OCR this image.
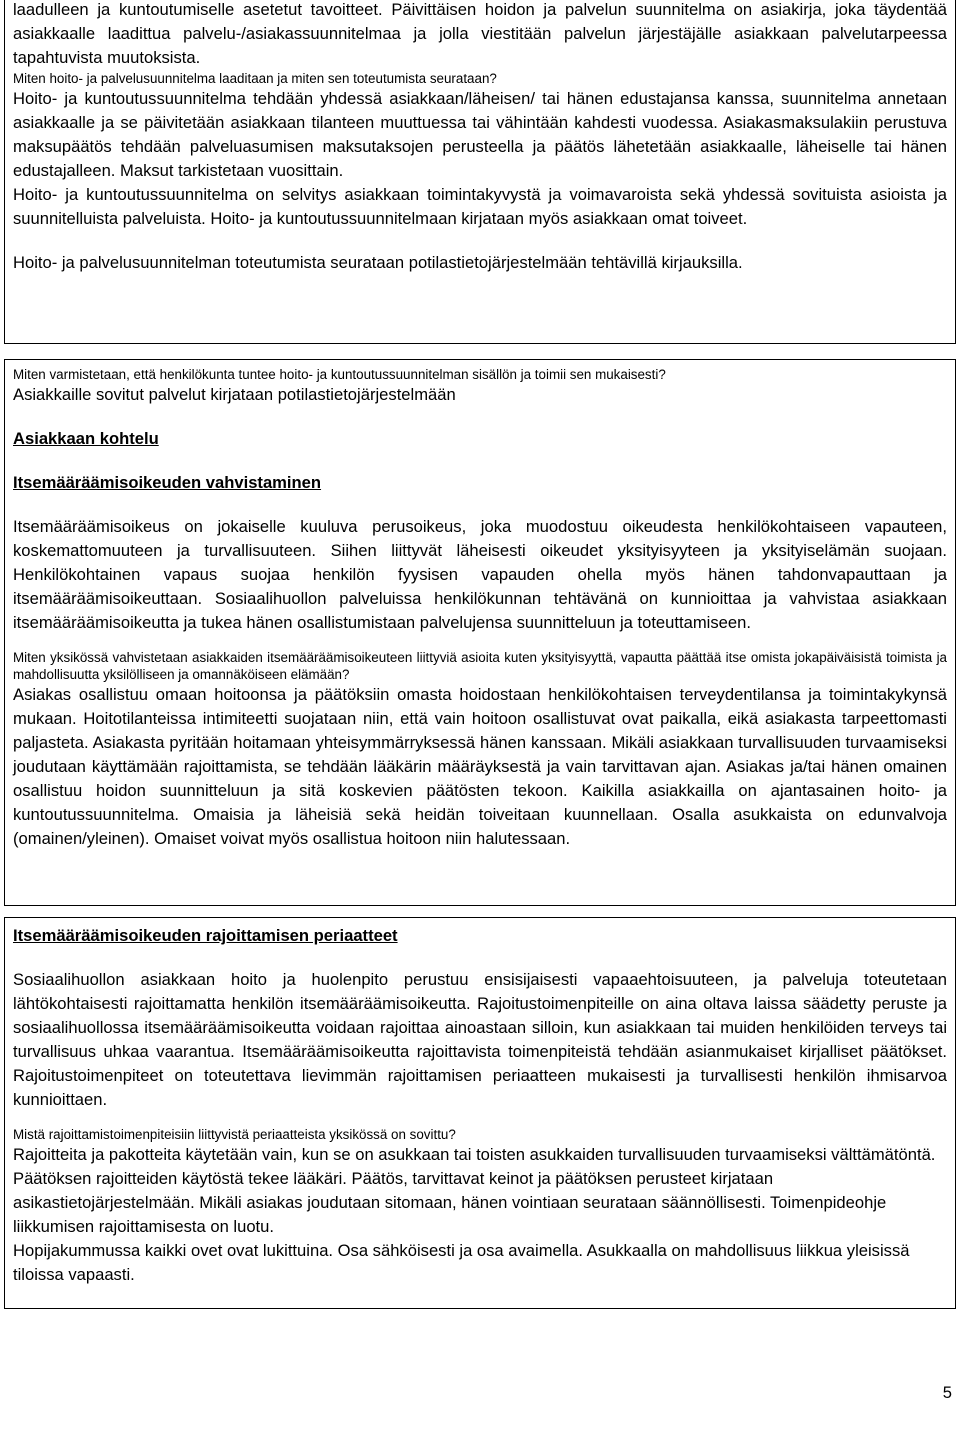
laadulleen ja kuntoutumiselle asetetut tavoitteet. Päivittäisen hoidon ja palvelun suunnitelma on asiakirja, joka täydentää asiakkaalle laadittua palvelu-/asiakassuunnitelmaa ja jolla viestitään palvelun järjestäjälle asiakkaan palvelutarpeessa tapahtuvista muutoksista.

Miten hoito- ja palvelusuunnitelma laaditaan ja miten sen toteutumista seurataan?

Hoito- ja kuntoutussuunnitelma tehdään yhdessä asiakkaan/läheisen/ tai hänen edustajansa kanssa, suunnitelma annetaan asiakkaalle ja se päivitetään asiakkaan tilanteen muuttuessa tai vähintään kahdesti vuodessa. Asiakasmaksulakiin perustuva maksupäätös tehdään palveluasumisen maksutaksojen perusteella ja päätös lähetetään asiakkaalle, läheiselle tai hänen edustajalleen. Maksut tarkistetaan vuosittain.

Hoito- ja kuntoutussuunnitelma on selvitys asiakkaan toimintakyvystä ja voimavaroista sekä yhdessä sovituista asioista ja suunnitelluista palveluista. Hoito- ja kuntoutussuunnitelmaan kirjataan myös asiakkaan omat toiveet.

Hoito- ja palvelusuunnitelman toteutumista seurataan potilastietojärjestelmään tehtävillä kirjauksilla.

Miten varmistetaan, että henkilökunta tuntee hoito- ja kuntoutussuunnitelman sisällön ja toimii sen mukaisesti?

Asiakkaille sovitut palvelut kirjataan potilastietojärjestelmään

Asiakkaan kohtelu
Itsemääräämisoikeuden vahvistaminen

Itsemääräämisoikeus on jokaiselle kuuluva perusoikeus, joka muodostuu oikeudesta henkilökohtaiseen vapauteen, koskemattomuuteen ja turvallisuuteen. Siihen liittyvät läheisesti oikeudet yksityisyyteen ja yksityiselämän suojaan. Henkilökohtainen vapaus suojaa henkilön fyysisen vapauden ohella myös hänen tahdonvapauttaan ja itsemääräämisoikeuttaan. Sosiaalihuollon palveluissa henkilökunnan tehtävänä on kunnioittaa ja vahvistaa asiakkaan itsemääräämisoikeutta ja tukea hänen osallistumistaan palvelujensa suunnitteluun ja toteuttamiseen.

Miten yksikössä vahvistetaan asiakkaiden itsemääräämisoikeuteen liittyviä asioita kuten yksityisyyttä, vapautta päättää itse omista jokapäiväisistä toimista ja mahdollisuutta yksilölliseen ja omannäköiseen elämään?

Asiakas osallistuu omaan hoitoonsa ja päätöksiin omasta hoidostaan henkilökohtaisen terveydentilansa ja toimintakykynsä mukaan. Hoitotilanteissa intimiteetti suojataan niin, että vain hoitoon osallistuvat ovat paikalla, eikä asiakasta tarpeettomasti paljasteta. Asiakasta pyritään hoitamaan yhteisymmärryksessä hänen kanssaan. Mikäli asiakkaan turvallisuuden turvaamiseksi joudutaan käyttämään rajoittamista, se tehdään lääkärin määräyksestä ja vain tarvittavan ajan. Asiakas ja/tai hänen omainen osallistuu hoidon suunnitteluun ja sitä koskevien päätösten tekoon. Kaikilla asiakkailla on ajantasainen hoito- ja kuntoutussuunnitelma. Omaisia ja läheisiä sekä heidän toiveitaan kuunnellaan. Osalla asukkaista on edunvalvoja (omainen/yleinen). Omaiset voivat myös osallistua hoitoon niin halutessaan.

Itsemääräämisoikeuden rajoittamisen periaatteet

Sosiaalihuollon asiakkaan hoito ja huolenpito perustuu ensisijaisesti vapaaehtoisuuteen, ja palveluja toteutetaan lähtökohtaisesti rajoittamatta henkilön itsemääräämisoikeutta. Rajoitustoimenpiteille on aina oltava laissa säädetty peruste ja sosiaalihuollossa itsemääräämisoikeutta voidaan rajoittaa ainoastaan silloin, kun asiakkaan tai muiden henkilöiden terveys tai turvallisuus uhkaa vaarantua. Itsemääräämisoikeutta rajoittavista toimenpiteistä tehdään asianmukaiset kirjalliset päätökset. Rajoitustoimenpiteet on toteutettava lievimmän rajoittamisen periaatteen mukaisesti ja turvallisesti henkilön ihmisarvoa kunnioittaen.

Mistä rajoittamistoimenpiteisiin liittyvistä periaatteista yksikössä on sovittu?

Rajoitteita ja pakotteita käytetään vain, kun se on asukkaan tai toisten asukkaiden turvallisuuden turvaamiseksi välttämätöntä. Päätöksen rajoitteiden käytöstä tekee lääkäri. Päätös, tarvittavat keinot ja päätöksen perusteet kirjataan asikastietojärjestelmään. Mikäli asiakas joudutaan sitomaan, hänen vointiaan seurataan säännöllisesti. Toimenpideohje liikkumisen rajoittamisesta on luotu.

Hopijakummussa kaikki ovet ovat lukittuina. Osa sähköisesti ja osa avaimella. Asukkaalla on mahdollisuus liikkua yleisissä tiloissa vapaasti.

5
